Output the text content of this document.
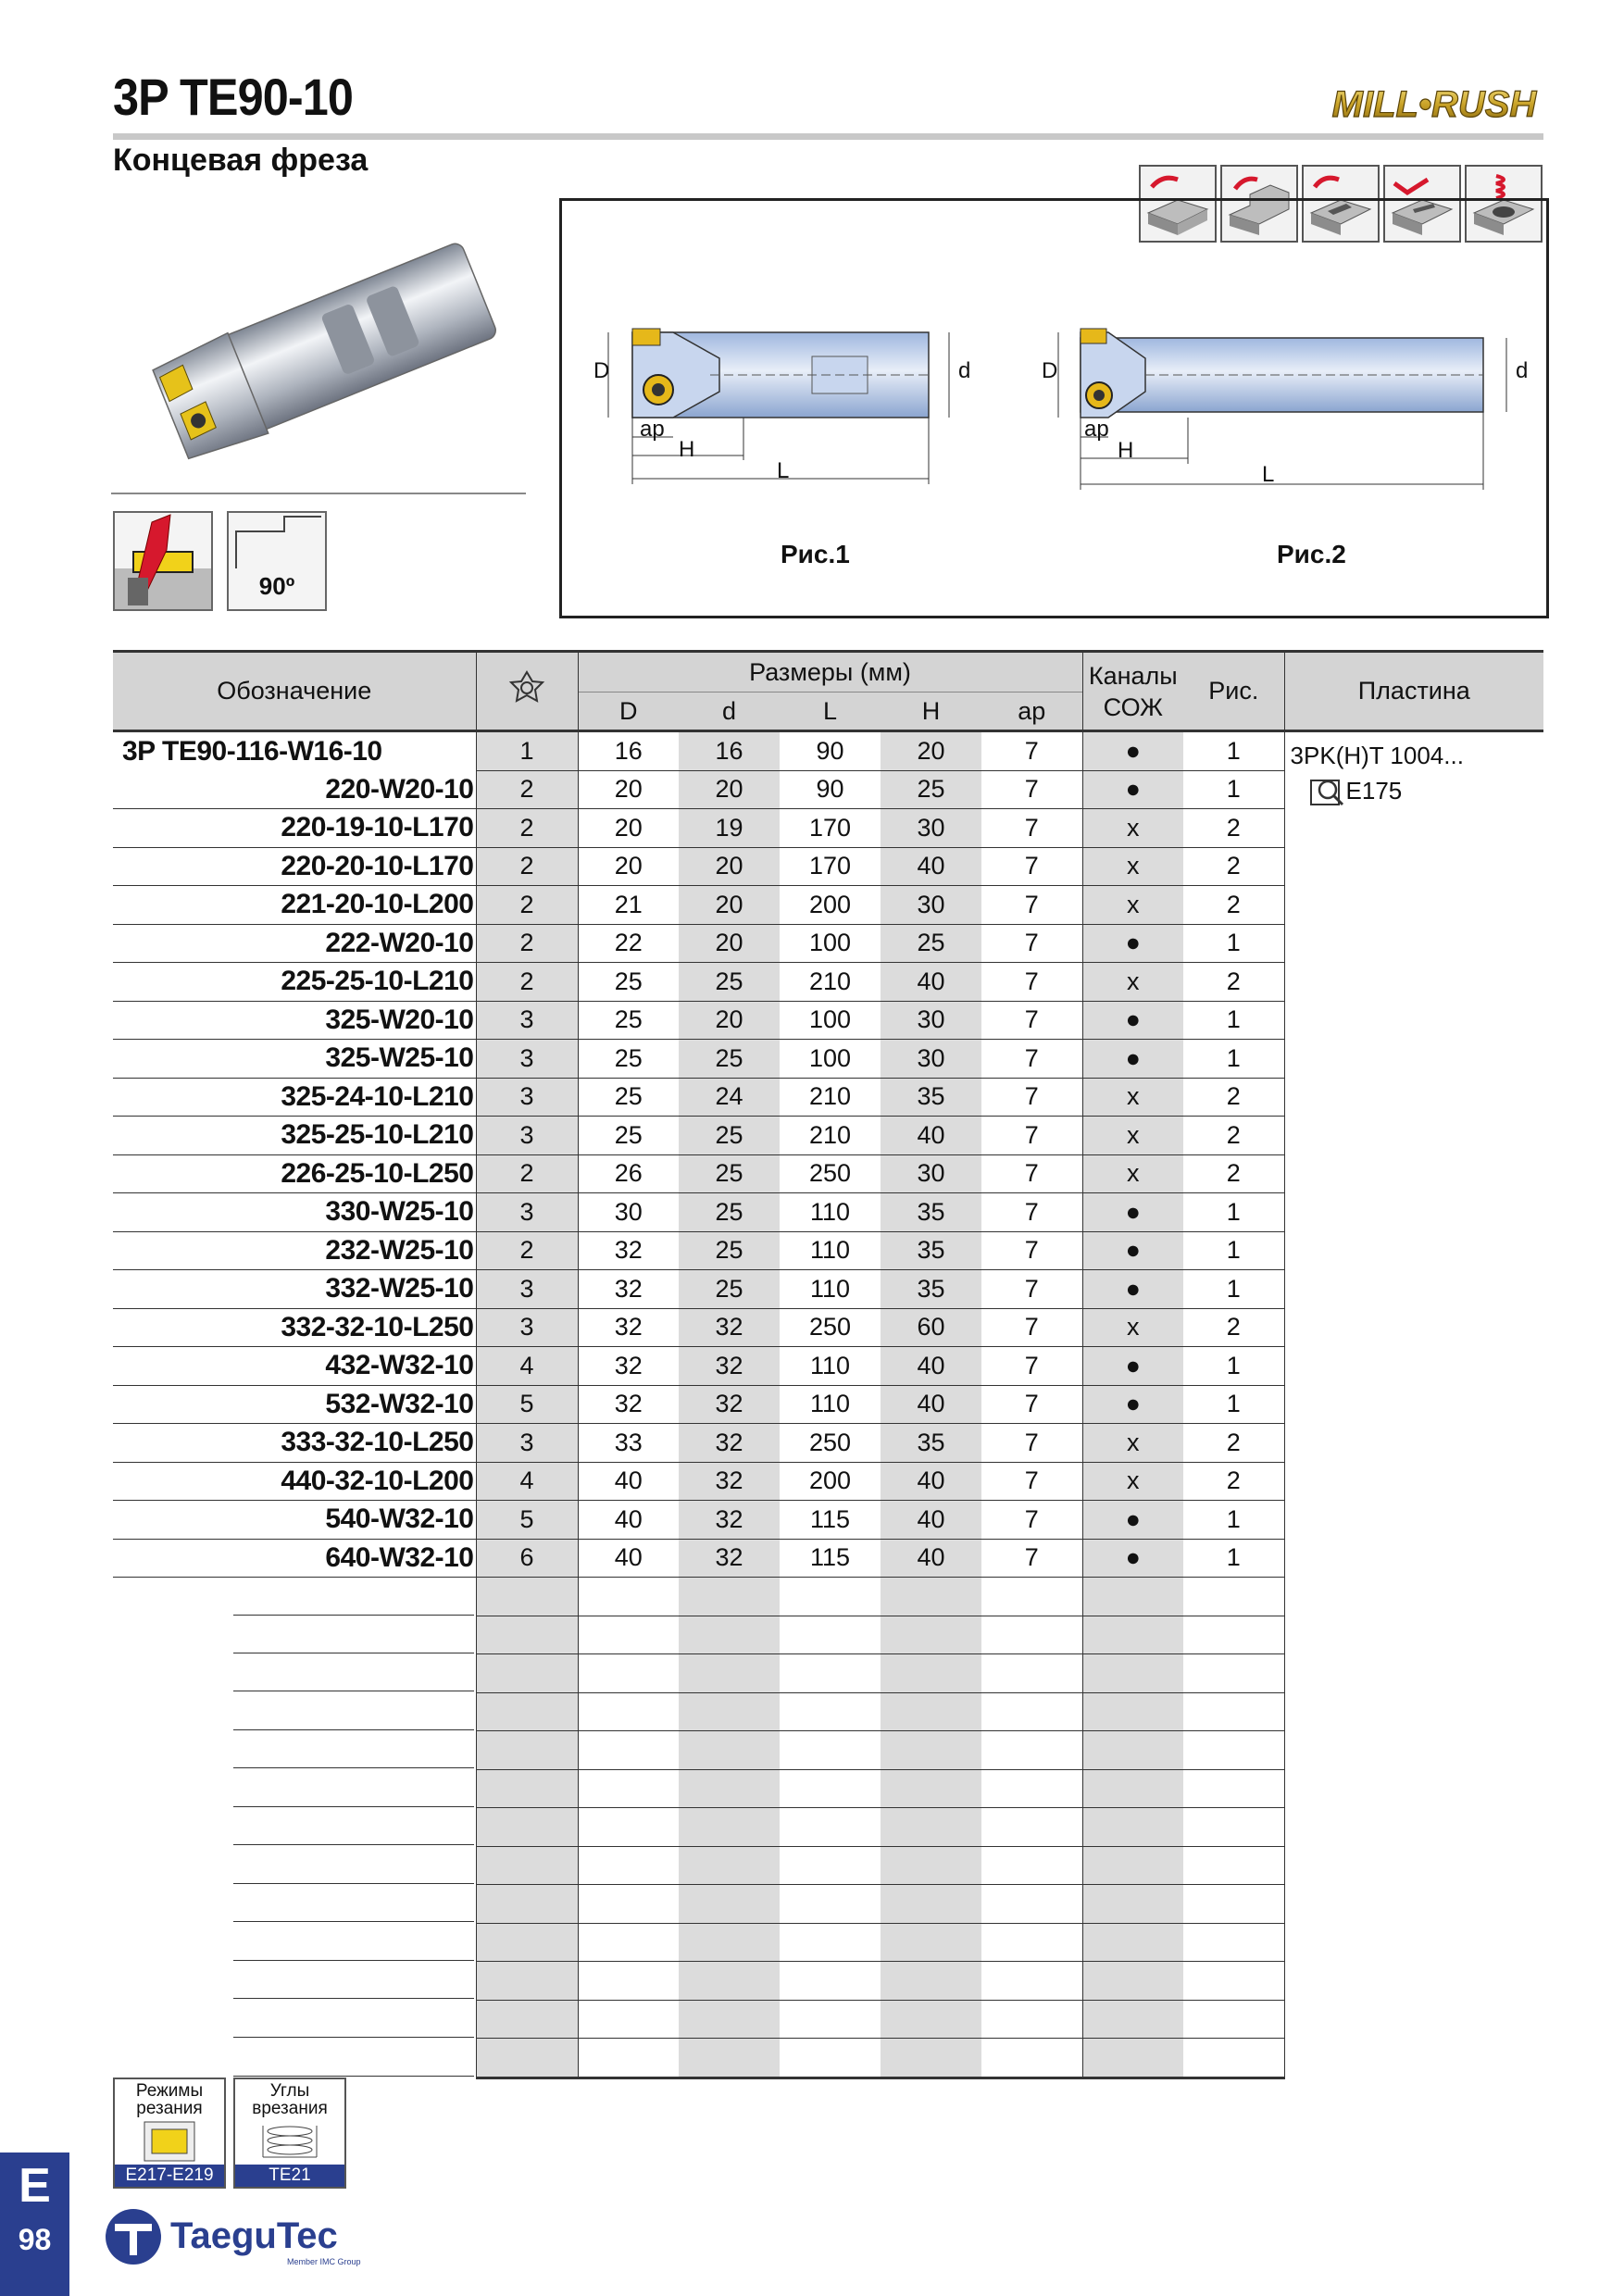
3P TE90-10
Концевая фреза
MILL•RUSH
90º
D	d
ap
H
L
D	d
ap
H
L
Рис.1	Рис.2
Обозначение		Размеры (мм)					Каналы
СОЖ	Рис.	Пластина
		D	d	L	H	ap			
3P TE90-116-W16-10	1	16	16	90	20	7	●	1	3PK(H)T 1004...
E175

220-W20-10	2	20	20	90	25	7	●	1	
220-19-10-L170	2	20	19	170	30	7	x	2	
220-20-10-L170	2	20	20	170	40	7	x	2	
221-20-10-L200	2	21	20	200	30	7	x	2	
222-W20-10	2	22	20	100	25	7	●	1	
225-25-10-L210	2	25	25	210	40	7	x	2	
325-W20-10	3	25	20	100	30	7	●	1	
325-W25-10	3	25	25	100	30	7	●	1	
325-24-10-L210	3	25	24	210	35	7	x	2	
325-25-10-L210	3	25	25	210	40	7	x	2	
226-25-10-L250	2	26	25	250	30	7	x	2	
330-W25-10	3	30	25	110	35	7	●	1	
232-W25-10	2	32	25	110	35	7	●	1	
332-W25-10	3	32	25	110	35	7	●	1	
332-32-10-L250	3	32	32	250	60	7	x	2	
432-W32-10	4	32	32	110	40	7	●	1	
532-W32-10	5	32	32	110	40	7	●	1	
333-32-10-L250	3	33	32	250	35	7	x	2	
440-32-10-L200	4	40	32	200	40	7	x	2	
540-W32-10	5	40	32	115	40	7	●	1	
640-W32-10	6	40	32	115	40	7	●	1	

Режимы
резания
E217-E219
Углы
врезания
TE21
E
98	TaeguTec
Member IMC Group
